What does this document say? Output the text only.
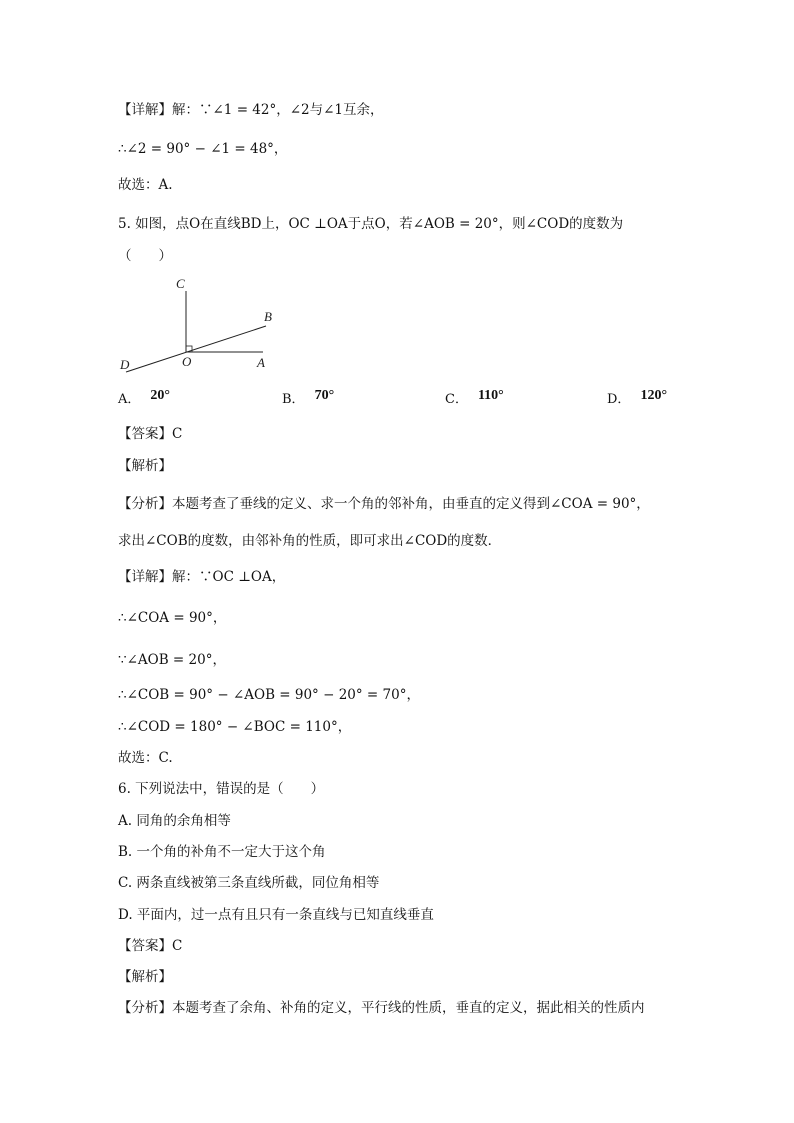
【详解】解：∵∠1 = 42°，∠2与∠1互余，
∴∠2 = 90° − ∠1 = 48°，
故选：A.
5. 如图，点O在直线BD上，OC ⊥OA于点O，若∠AOB = 20°，则∠COD的度数为
（　　）
C
B
D	O	A
A． 20°	B． 70°	C． 110°	D． 120°
【答案】C
【解析】
【分析】本题考查了垂线的定义、求一个角的邻补角，由垂直的定义得到∠COA = 90°，
求出∠COB的度数，由邻补角的性质，即可求出∠COD的度数．
【详解】解：∵OC ⊥OA，
∴∠COA = 90°，
∵∠AOB = 20°，
∴∠COB = 90° − ∠AOB = 90° − 20° = 70°，
∴∠COD = 180° − ∠BOC = 110°，
故选：C.
6. 下列说法中，错误的是（　　）
A. 同角的余角相等
B. 一个角的补角不一定大于这个角
C. 两条直线被第三条直线所截，同位角相等
D. 平面内，过一点有且只有一条直线与已知直线垂直
【答案】C
【解析】
【分析】本题考查了余角、补角的定义，平行线的性质，垂直的定义，据此相关的性质内
